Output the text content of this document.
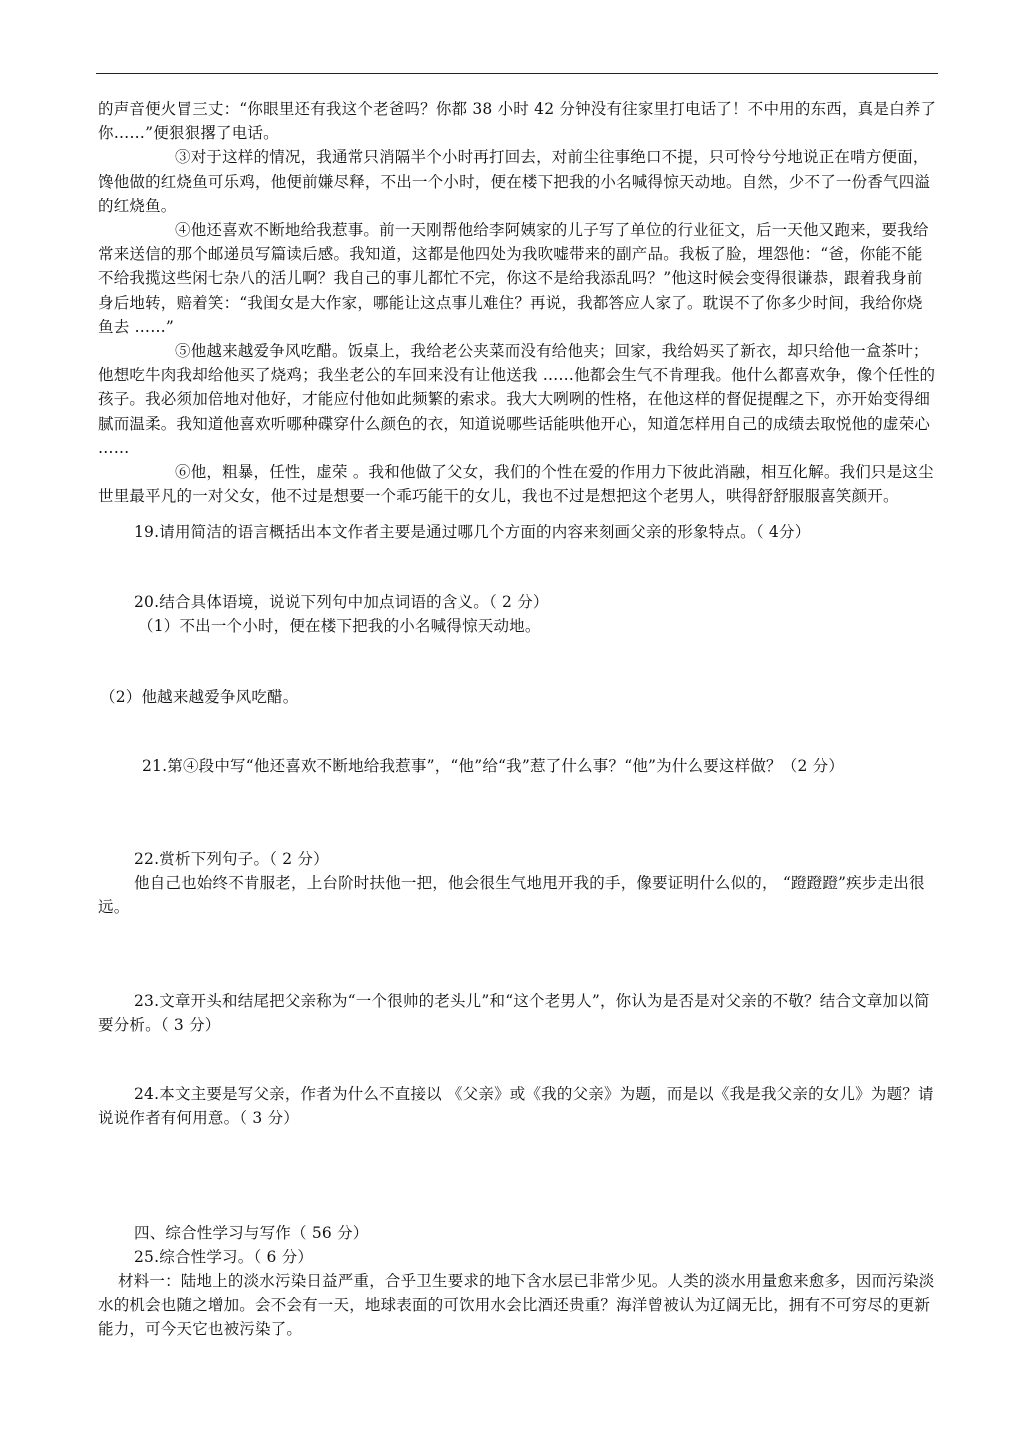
的声音便火冒三丈：“你眼里还有我这个老爸吗？你都 38 小时 42 分钟没有往家里打电话了！不中用的东西，真是白养了你……”便狠狠撂了电话。

③对于这样的情况，我通常只消隔半个小时再打回去，对前尘往事绝口不提，只可怜兮兮地说正在啃方便面，馋他做的红烧鱼可乐鸡，他便前嫌尽释，不出一个小时，便在楼下把我的小名喊得惊天动地。自然，少不了一份香气四溢的红烧鱼。

④他还喜欢不断地给我惹事。前一天刚帮他给李阿姨家的儿子写了单位的行业征文，后一天他又跑来，要我给常来送信的那个邮递员写篇读后感。我知道，这都是他四处为我吹嘘带来的副产品。我板了脸，埋怨他：“爸，你能不能不给我揽这些闲七杂八的活儿啊？我自己的事儿都忙不完，你这不是给我添乱吗？”他这时候会变得很谦恭，跟着我身前身后地转，赔着笑：“我闺女是大作家，哪能让这点事儿难住？再说，我都答应人家了。耽误不了你多少时间，我给你烧鱼去 ……”

⑤他越来越爱争风吃醋。饭桌上，我给老公夹菜而没有给他夹；回家，我给妈买了新衣，却只给他一盒茶叶；他想吃牛肉我却给他买了烧鸡；我坐老公的车回来没有让他送我 ……他都会生气不肯理我。他什么都喜欢争，像个任性的孩子。我必须加倍地对他好，才能应付他如此频繁的索求。我大大咧咧的性格，在他这样的督促提醒之下，亦开始变得细腻而温柔。我知道他喜欢听哪种碟穿什么颜色的衣，知道说哪些话能哄他开心，知道怎样用自己的成绩去取悦他的虚荣心 ……

⑥他，粗暴，任性，虚荣 。我和他做了父女，我们的个性在爱的作用力下彼此消融，相互化解。我们只是这尘世里最平凡的一对父女，他不过是想要一个乖巧能干的女儿，我也不过是想把这个老男人，哄得舒舒服服喜笑颜开。

19.请用简洁的语言概括出本文作者主要是通过哪几个方面的内容来刻画父亲的形象特点。（ 4分）
20.结合具体语境，说说下列句中加点词语的含义。（ 2 分）
（1）不出一个小时，便在楼下把我的小名喊得惊天动地。
（2）他越来越爱争风吃醋。
21.第④段中写“他还喜欢不断地给我惹事”，“他”给“我”惹了什么事？“他”为什么要这样做？（2 分）
22.赏析下列句子。（ 2 分）
他自己也始终不肯服老，上台阶时扶他一把，他会很生气地甩开我的手，像要证明什么似的， “蹬蹬蹬”疾步走出很远。
23.文章开头和结尾把父亲称为“一个很帅的老头儿”和“这个老男人”，你认为是否是对父亲的不敬？结合文章加以简要分析。（ 3 分）
24.本文主要是写父亲，作者为什么不直接以 《父亲》或《我的父亲》为题，而是以《我是我父亲的女儿》为题？请说说作者有何用意。（ 3 分）
四、综合性学习与写作（ 56 分）
25.综合性学习。（ 6 分）
材料一：陆地上的淡水污染日益严重，合乎卫生要求的地下含水层已非常少见。人类的淡水用量愈来愈多，因而污染淡水的机会也随之增加。会不会有一天，地球表面的可饮用水会比酒还贵重？海洋曾被认为辽阔无比，拥有不可穷尽的更新能力，可今天它也被污染了。
